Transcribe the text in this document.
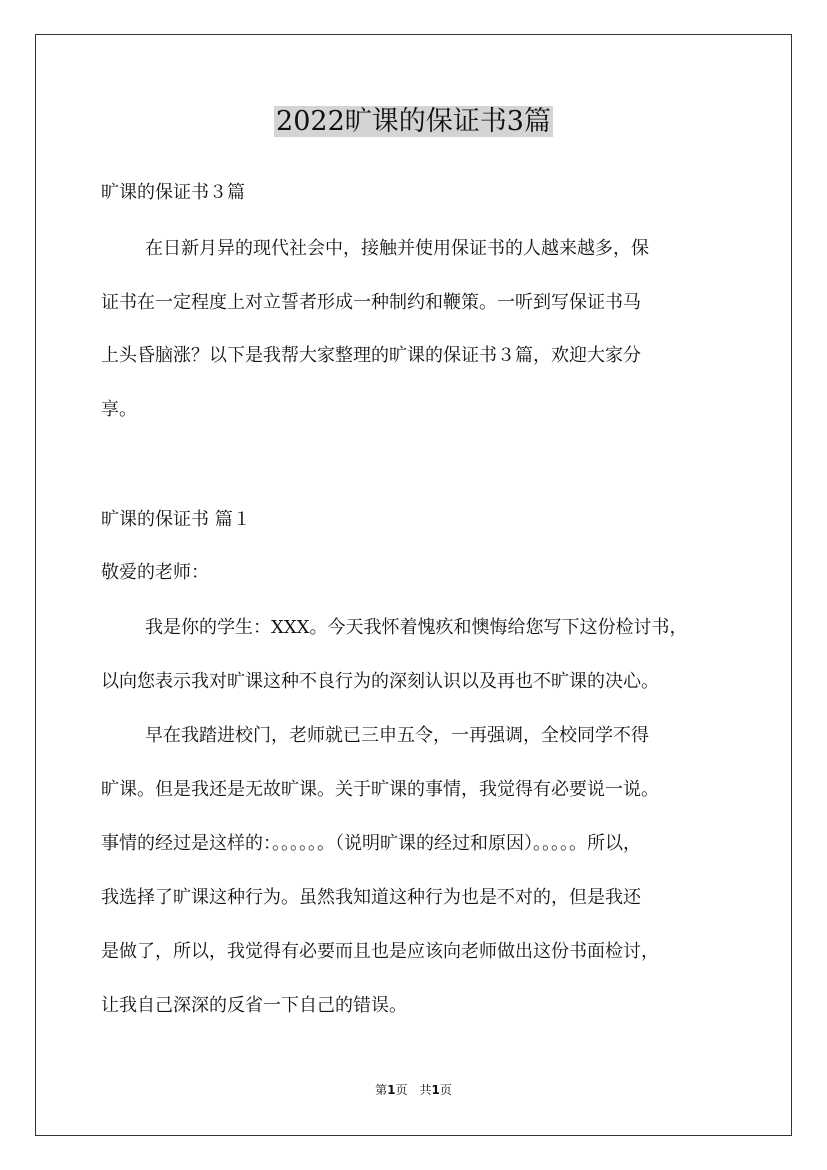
2022旷课的保证书3篇
旷课的保证书３篇
在日新月异的现代社会中，接触并使用保证书的人越来越多，保
证书在一定程度上对立誓者形成一种制约和鞭策。一听到写保证书马
上头昏脑涨？以下是我帮大家整理的旷课的保证书３篇，欢迎大家分
享。
旷课的保证书 篇１
敬爱的老师：
我是你的学生：XXX。今天我怀着愧疚和懊悔给您写下这份检讨书，
以向您表示我对旷课这种不良行为的深刻认识以及再也不旷课的决心。
早在我踏进校门，老师就已三申五令，一再强调，全校同学不得
旷课。但是我还是无故旷课。关于旷课的事情，我觉得有必要说一说。
事情的经过是这样的：。。。。。。（说明旷课的经过和原因）。。。。。所以，
我选择了旷课这种行为。虽然我知道这种行为也是不对的，但是我还
是做了，所以，我觉得有必要而且也是应该向老师做出这份书面检讨，
让我自己深深的反省一下自己的错误。
第1页　共1页
